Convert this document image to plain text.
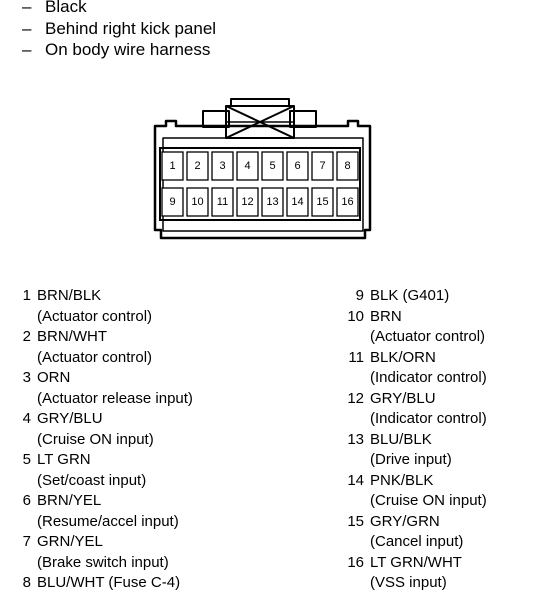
– Black
– Behind right kick panel
– On body wire harness
1 2 3 4 5 6 7 8
9 10 11 12 13 14 15 16
1 BRN/BLK
(Actuator control)
2 BRN/WHT
(Actuator control)
3 ORN
(Actuator release input)
4 GRY/BLU
(Cruise ON input)
5 LT GRN
(Set/coast input)
6 BRN/YEL
(Resume/accel input)
7 GRN/YEL
(Brake switch input)
8 BLU/WHT (Fuse C-4)
9 BLK (G401)
10 BRN
(Actuator control)
11 BLK/ORN
(Indicator control)
12 GRY/BLU
(Indicator control)
13 BLU/BLK
(Drive input)
14 PNK/BLK
(Cruise ON input)
15 GRY/GRN
(Cancel input)
16 LT GRN/WHT
(VSS input)
